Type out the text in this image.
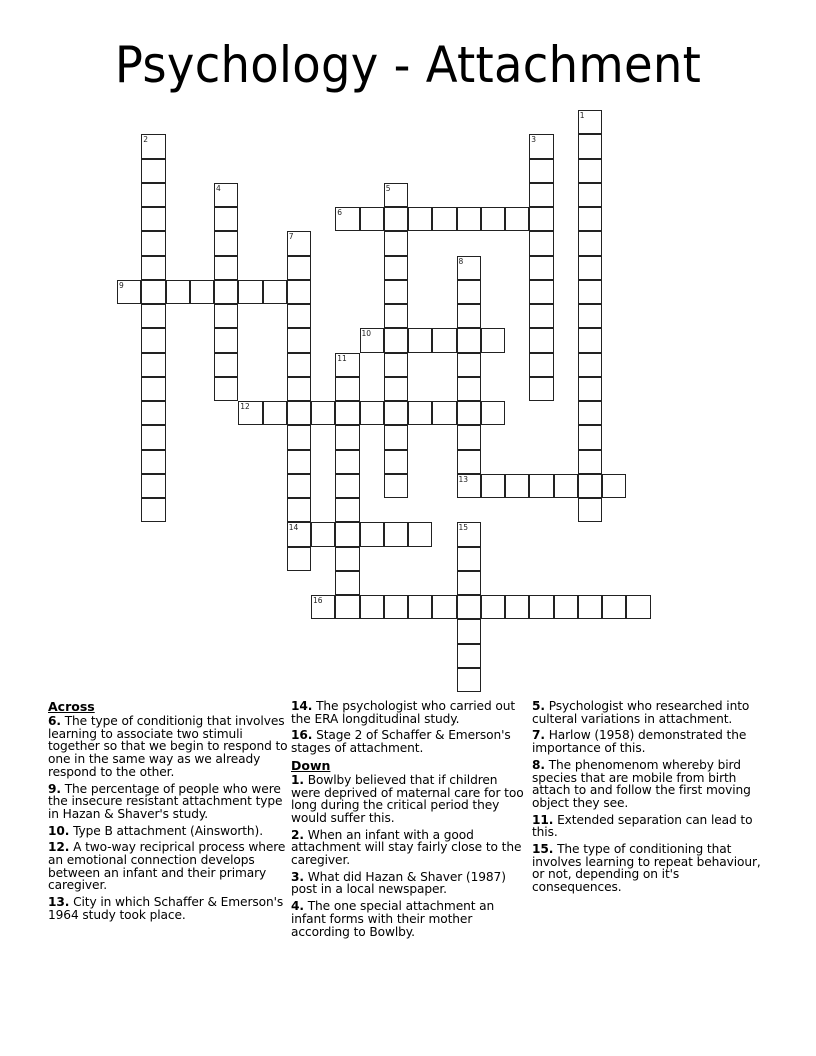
Psychology - Attachment
1
2	3
4	5
6
7
14
8
13
9
10
11
12
15
16
Across
6. The type of conditionig that involves learning to associate two stimuli together so that we begin to respond to one in the same way as we already respond to the other.
9. The percentage of people who were the insecure resistant attachment type in Hazan & Shaver's study.
10. Type B attachment (Ainsworth).
12. A two-way reciprical process where an emotional connection develops between an infant and their primary caregiver.
13. City in which Schaffer & Emerson's 1964 study took place.
14. The psychologist who carried out the ERA longditudinal study.
16. Stage 2 of Schaffer & Emerson's stages of attachment.
Down
1. Bowlby believed that if children were deprived of maternal care for too long during the critical period they would suffer this.
2. When an infant with a good attachment will stay fairly close to the caregiver.
3. What did Hazan & Shaver (1987) post in a local newspaper.
4. The one special attachment an infant forms with their mother according to Bowlby.
5. Psychologist who researched into culteral variations in attachment.
7. Harlow (1958) demonstrated the importance of this.
8. The phenomenom whereby bird species that are mobile from birth attach to and follow the first moving object they see.
11. Extended separation can lead to this.
15. The type of conditioning that involves learning to repeat behaviour, or not, depending on it's consequences.
